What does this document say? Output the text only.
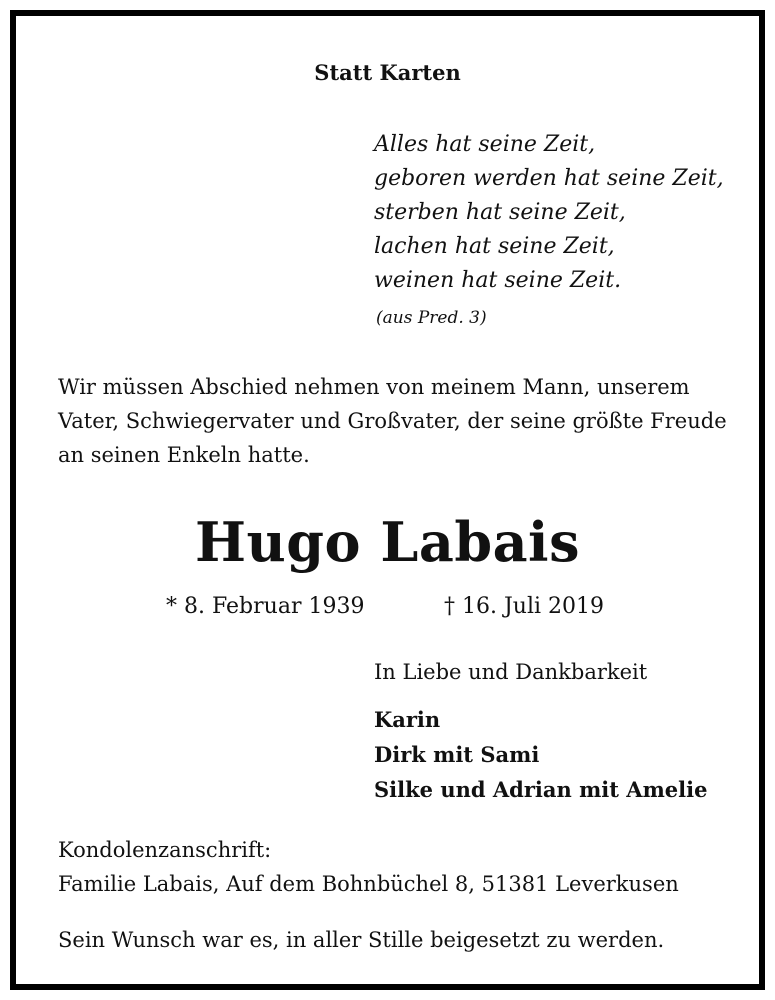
Statt Karten
Alles hat seine Zeit,
geboren werden hat seine Zeit,
sterben hat seine Zeit,
lachen hat seine Zeit,
weinen hat seine Zeit.
(aus Pred. 3)
Wir müssen Abschied nehmen von meinem Mann, unserem
Vater, Schwiegervater und Großvater, der seine größte Freude
an seinen Enkeln hatte.
Hugo Labais
* 8. Februar 1939	† 16. Juli 2019
In Liebe und Dankbarkeit
Karin
Dirk mit Sami
Silke und Adrian mit Amelie
Kondolenzanschrift:
Familie Labais, Auf dem Bohnbüchel 8, 51381 Leverkusen
Sein Wunsch war es, in aller Stille beigesetzt zu werden.
